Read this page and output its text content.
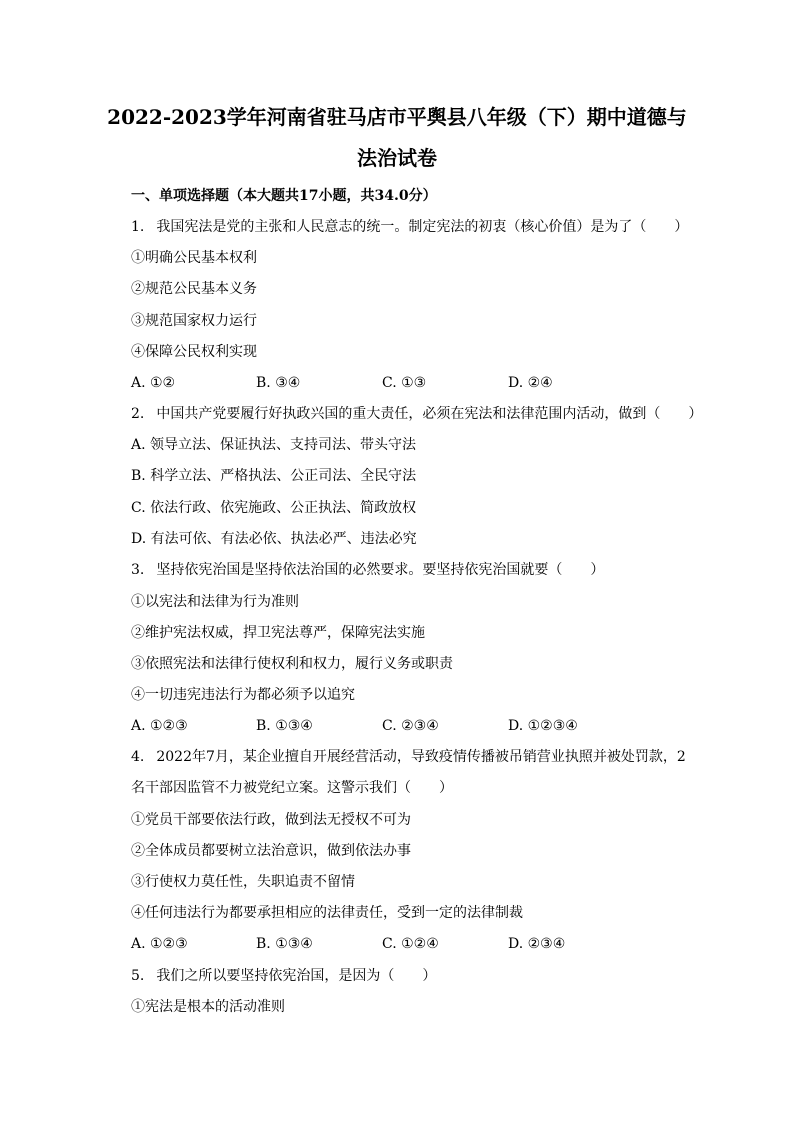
2022-2023学年河南省驻马店市平舆县八年级（下）期中道德与
法治试卷
一、单项选择题（本大题共17小题，共34.0分）
1. 我国宪法是党的主张和人民意志的统一。制定宪法的初衷（核心价值）是为了（　　）
①明确公民基本权利
②规范公民基本义务
③规范国家权力运行
④保障公民权利实现
A. ①②	B. ③④	C. ①③	D. ②④
2. 中国共产党要履行好执政兴国的重大责任，必须在宪法和法律范围内活动，做到（　　）
A. 领导立法、保证执法、支持司法、带头守法
B. 科学立法、严格执法、公正司法、全民守法
C. 依法行政、依宪施政、公正执法、简政放权
D. 有法可依、有法必依、执法必严、违法必究
3. 坚持依宪治国是坚持依法治国的必然要求。要坚持依宪治国就要（　　）
①以宪法和法律为行为准则
②维护宪法权威，捍卫宪法尊严，保障宪法实施
③依照宪法和法律行使权利和权力，履行义务或职责
④一切违宪违法行为都必须予以追究
A. ①②③	B. ①③④	C. ②③④	D. ①②③④
4. 2022年7月，某企业擅自开展经营活动，导致疫情传播被吊销营业执照并被处罚款，2名干部因监管不力被党纪立案。这警示我们（　　）
①党员干部要依法行政，做到法无授权不可为
②全体成员都要树立法治意识，做到依法办事
③行使权力莫任性，失职追责不留情
④任何违法行为都要承担相应的法律责任，受到一定的法律制裁
A. ①②③	B. ①③④	C. ①②④	D. ②③④
5. 我们之所以要坚持依宪治国，是因为（　　）
①宪法是根本的活动准则
